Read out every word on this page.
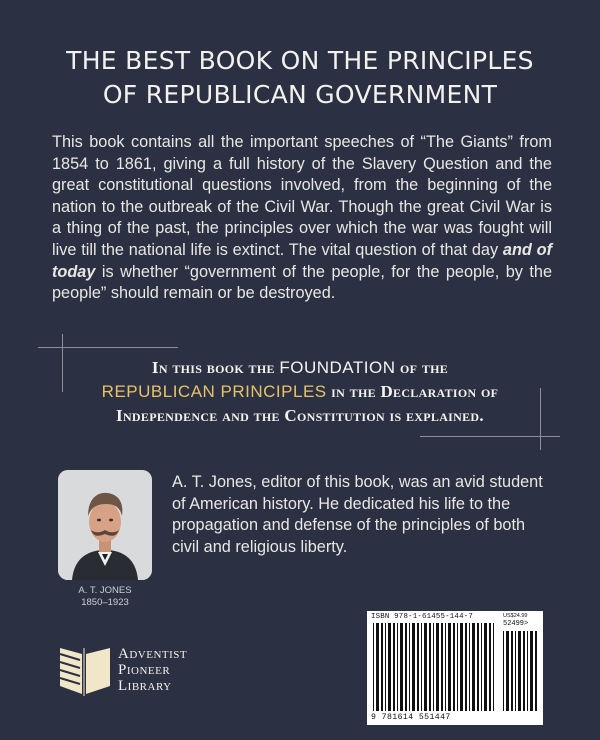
THE BEST BOOK ON THE PRINCIPLES
OF REPUBLICAN GOVERNMENT
This book contains all the important speeches of “The Giants” from 1854 to 1861, giving a full history of the Slavery Question and the great constitutional questions involved, from the beginning of the nation to the outbreak of the Civil War. Though the great Civil War is a thing of the past, the principles over which the war was fought will live till the national life is extinct. The vital question of that day and of today is whether “government of the people, for the people, by the people” should remain or be destroyed.
In this book the FOUNDATION of the
REPUBLICAN PRINCIPLES in the Declaration of
Independence and the Constitution is explained.
A. T. JONES
1850–1923
A. T. Jones, editor of this book, was an avid student of American history. He dedicated his life to the propagation and defense of the principles of both civil and religious liberty.
Adventist
Pioneer
Library
ISBN 978-1-61455-144-7	US$24.99
52499>
9 781614 551447
